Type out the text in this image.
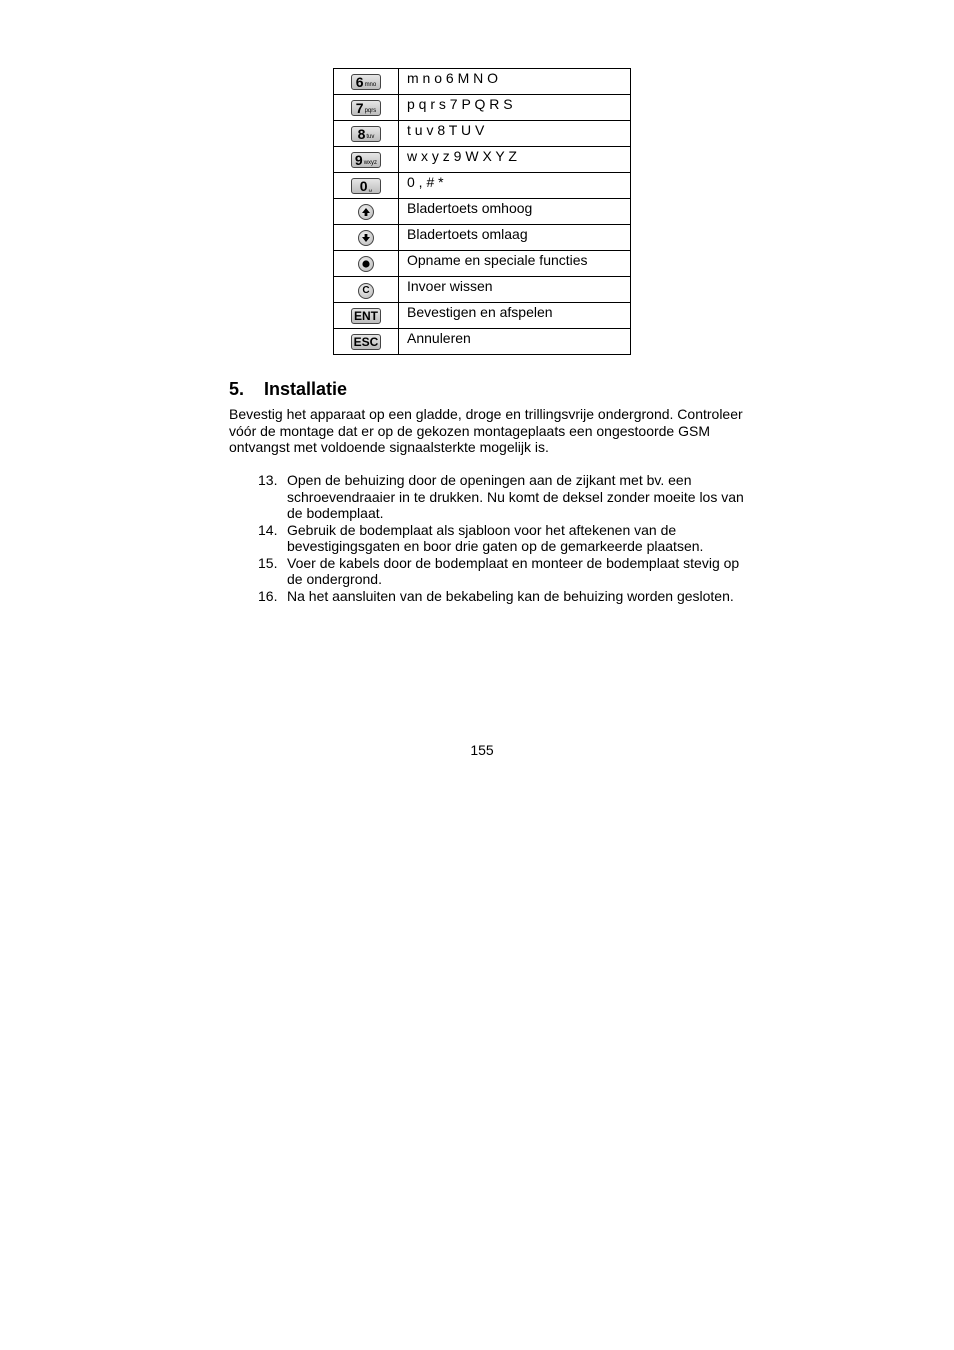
6 mno	m n o 6 M N O

7 pqrs	p q r s 7 P Q R S

8 tuv	t u v 8 T U V

9 wxyz	w x y z 9 W X Y Z

0 ␣	0 , # *

	Bladertoets omhoog

	Bladertoets omlaag

	Opname en speciale functies
C	Invoer wissen
ENT	Bevestigen en afspelen
ESC	Annuleren
5. Installatie

Bevestig het apparaat op een gladde, droge en trillingsvrije ondergrond. Controleer vóór de montage dat er op de gekozen montageplaats een ongestoorde GSM ontvangst met voldoende signaalsterkte mogelijk is.

13. Open de behuizing door de openingen aan de zijkant met bv. een schroevendraaier in te drukken. Nu komt de deksel zonder moeite los van de bodemplaat.
14. Gebruik de bodemplaat als sjabloon voor het aftekenen van de bevestigingsgaten en boor drie gaten op de gemarkeerde plaatsen.
15. Voer de kabels door de bodemplaat en monteer de bodemplaat stevig op de ondergrond.
16. Na het aansluiten van de bekabeling kan de behuizing worden gesloten.
155
